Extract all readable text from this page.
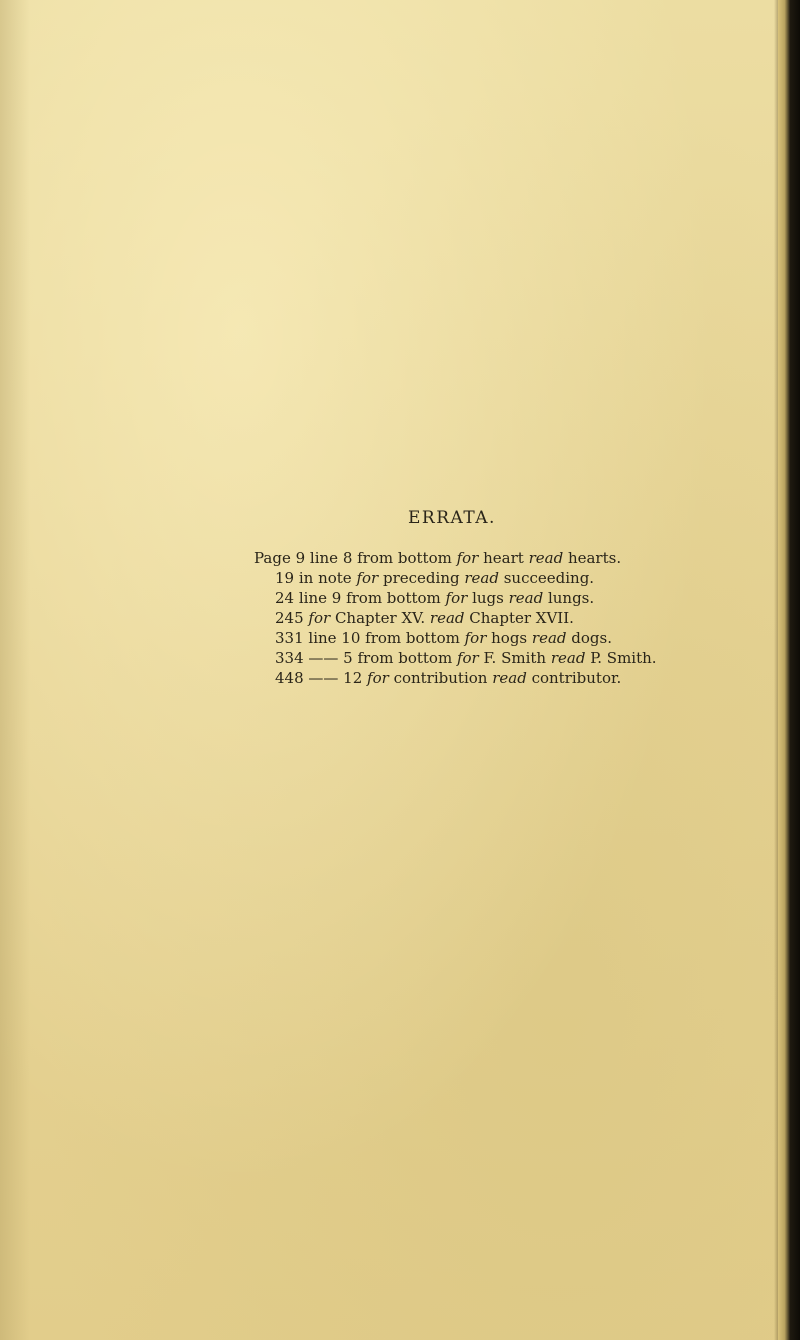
ERRATA.
Page 9 line 8 from bottom for heart read hearts.
19 in note for preceding read succeeding.
24 line 9 from bottom for lugs read lungs.
245 for Chapter XV. read Chapter XVII.
331 line 10 from bottom for hogs read dogs.
334 —— 5 from bottom for F. Smith read P. Smith.
448 —— 12 for contribution read contributor.
